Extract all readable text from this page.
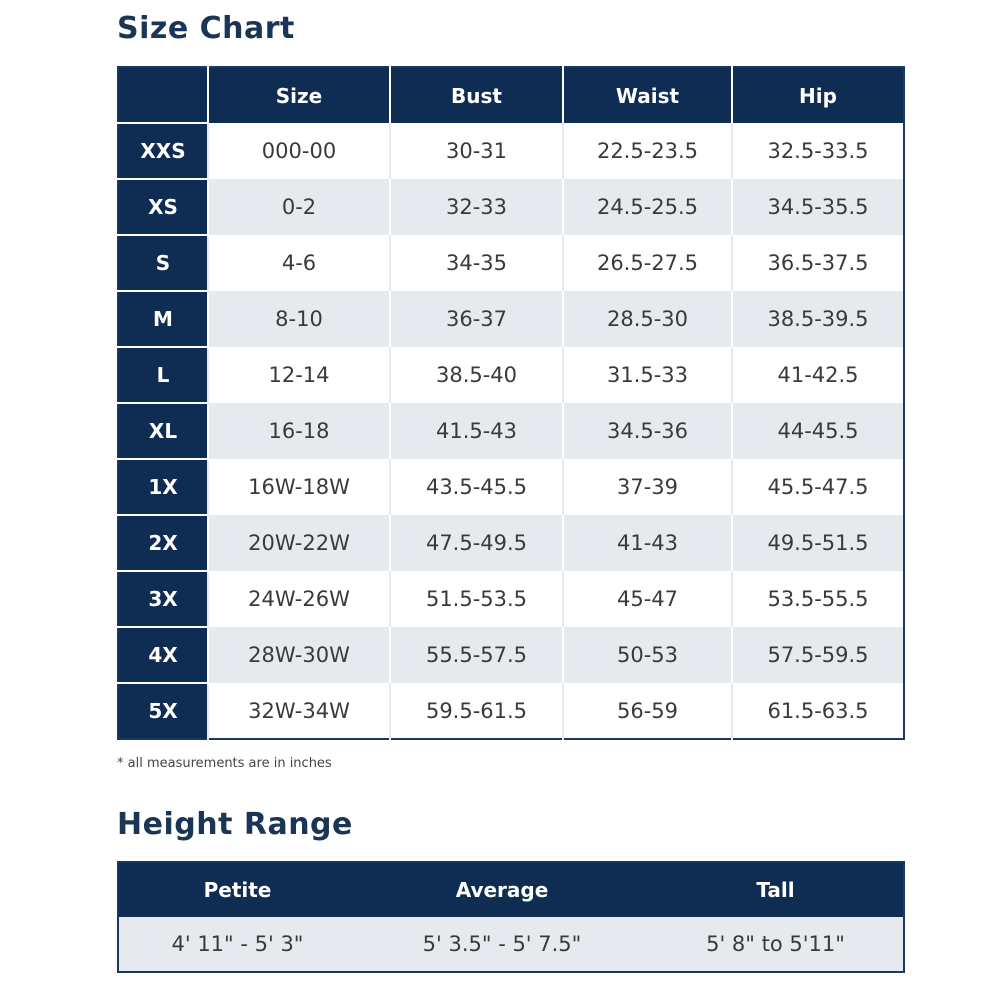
Size Chart
	Size	Bust	Waist	Hip
XXS	000-00	30-31	22.5-23.5	32.5-33.5
XS	0-2	32-33	24.5-25.5	34.5-35.5
S	4-6	34-35	26.5-27.5	36.5-37.5
M	8-10	36-37	28.5-30	38.5-39.5
L	12-14	38.5-40	31.5-33	41-42.5
XL	16-18	41.5-43	34.5-36	44-45.5
1X	16W-18W	43.5-45.5	37-39	45.5-47.5
2X	20W-22W	47.5-49.5	41-43	49.5-51.5
3X	24W-26W	51.5-53.5	45-47	53.5-55.5
4X	28W-30W	55.5-57.5	50-53	57.5-59.5
5X	32W-34W	59.5-61.5	56-59	61.5-63.5

* all measurements are in inches

Height Range
Petite	Average	Tall
4' 11" - 5' 3"	5' 3.5" - 5' 7.5"	5' 8" to 5'11"
